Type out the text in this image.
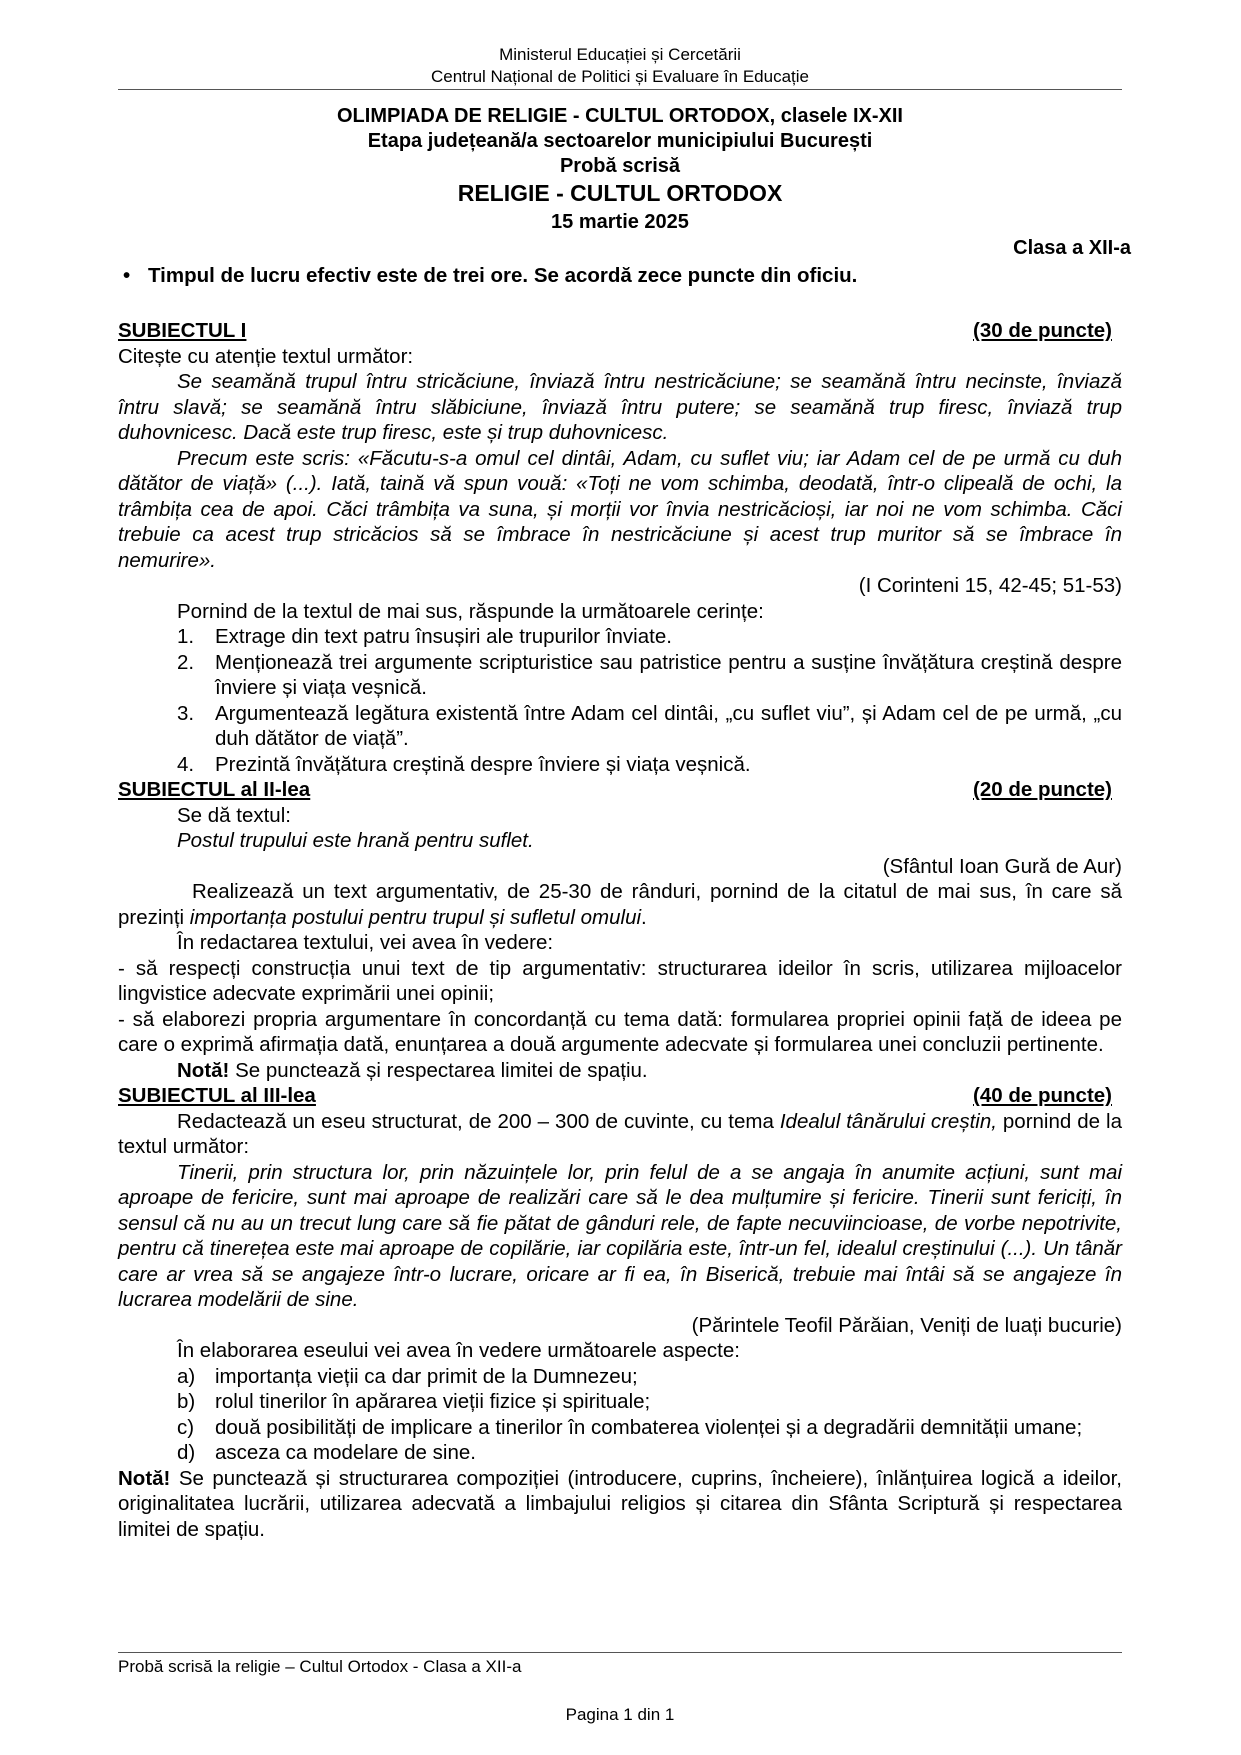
Ministerul Educației și Cercetării
Centrul Național de Politici și Evaluare în Educație
OLIMPIADA DE RELIGIE - CULTUL ORTODOX, clasele IX-XII
Etapa județeană/a sectoarelor municipiului București
Probă scrisă
RELIGIE - CULTUL ORTODOX
15 martie 2025
Clasa a XII-a
• Timpul de lucru efectiv este de trei ore. Se acordă zece puncte din oficiu.
SUBIECTUL I	(30 de puncte)

Citește cu atenție textul următor:

Se seamănă trupul întru stricăciune, înviază întru nestricăciune; se seamănă întru necinste, înviază întru slavă; se seamănă întru slăbiciune, înviază întru putere; se seamănă trup firesc, înviază trup duhovnicesc. Dacă este trup firesc, este și trup duhovnicesc.

Precum este scris: «Făcutu-s-a omul cel dintâi, Adam, cu suflet viu; iar Adam cel de pe urmă cu duh dătător de viață» (...). Iată, taină vă spun vouă: «Toți ne vom schimba, deodată, într-o clipeală de ochi, la trâmbița cea de apoi. Căci trâmbița va suna, și morții vor învia nestricăcioși, iar noi ne vom schimba. Căci trebuie ca acest trup stricăcios să se îmbrace în nestricăciune și acest trup muritor să se îmbrace în nemurire».

(I Corinteni 15, 42-45; 51-53)

Pornind de la textul de mai sus, răspunde la următoarele cerințe:

1. Extrage din text patru însușiri ale trupurilor înviate.
2. Menționează trei argumente scripturistice sau patristice pentru a susține învățătura creștină despre înviere și viața veșnică.
3. Argumentează legătura existentă între Adam cel dintâi, „cu suflet viu”, și Adam cel de pe urmă, „cu duh dătător de viață”.
4. Prezintă învățătura creștină despre înviere și viața veșnică.
SUBIECTUL al II-lea	(20 de puncte)

Se dă textul:

Postul trupului este hrană pentru suflet.

(Sfântul Ioan Gură de Aur)

Realizează un text argumentativ, de 25-30 de rânduri, pornind de la citatul de mai sus, în care să prezinți importanța postului pentru trupul și sufletul omului.

În redactarea textului, vei avea în vedere:

- să respecți construcția unui text de tip argumentativ: structurarea ideilor în scris, utilizarea mijloacelor lingvistice adecvate exprimării unei opinii;

- să elaborezi propria argumentare în concordanță cu tema dată: formularea propriei opinii față de ideea pe care o exprimă afirmația dată, enunțarea a două argumente adecvate și formularea unei concluzii pertinente.

Notă! Se punctează și respectarea limitei de spațiu.

SUBIECTUL al III-lea	(40 de puncte)

Redactează un eseu structurat, de 200 – 300 de cuvinte, cu tema Idealul tânărului creștin, pornind de la textul următor:

Tinerii, prin structura lor, prin năzuințele lor, prin felul de a se angaja în anumite acțiuni, sunt mai aproape de fericire, sunt mai aproape de realizări care să le dea mulțumire și fericire. Tinerii sunt fericiți, în sensul că nu au un trecut lung care să fie pătat de gânduri rele, de fapte necuviincioase, de vorbe nepotrivite, pentru că tinerețea este mai aproape de copilărie, iar copilăria este, într-un fel, idealul creștinului (...). Un tânăr care ar vrea să se angajeze într-o lucrare, oricare ar fi ea, în Biserică, trebuie mai întâi să se angajeze în lucrarea modelării de sine.

(Părintele Teofil Părăian, Veniți de luați bucurie)

În elaborarea eseului vei avea în vedere următoarele aspecte:

a) importanța vieții ca dar primit de la Dumnezeu;
b) rolul tinerilor în apărarea vieții fizice și spirituale;
c) două posibilități de implicare a tinerilor în combaterea violenței și a degradării demnității umane;
d) asceza ca modelare de sine.

Notă! Se punctează și structurarea compoziției (introducere, cuprins, încheiere), înlănțuirea logică a ideilor, originalitatea lucrării, utilizarea adecvată a limbajului religios și citarea din Sfânta Scriptură și respectarea limitei de spațiu.

Probă scrisă la religie – Cultul Ortodox - Clasa a XII-a
Pagina 1 din 1
